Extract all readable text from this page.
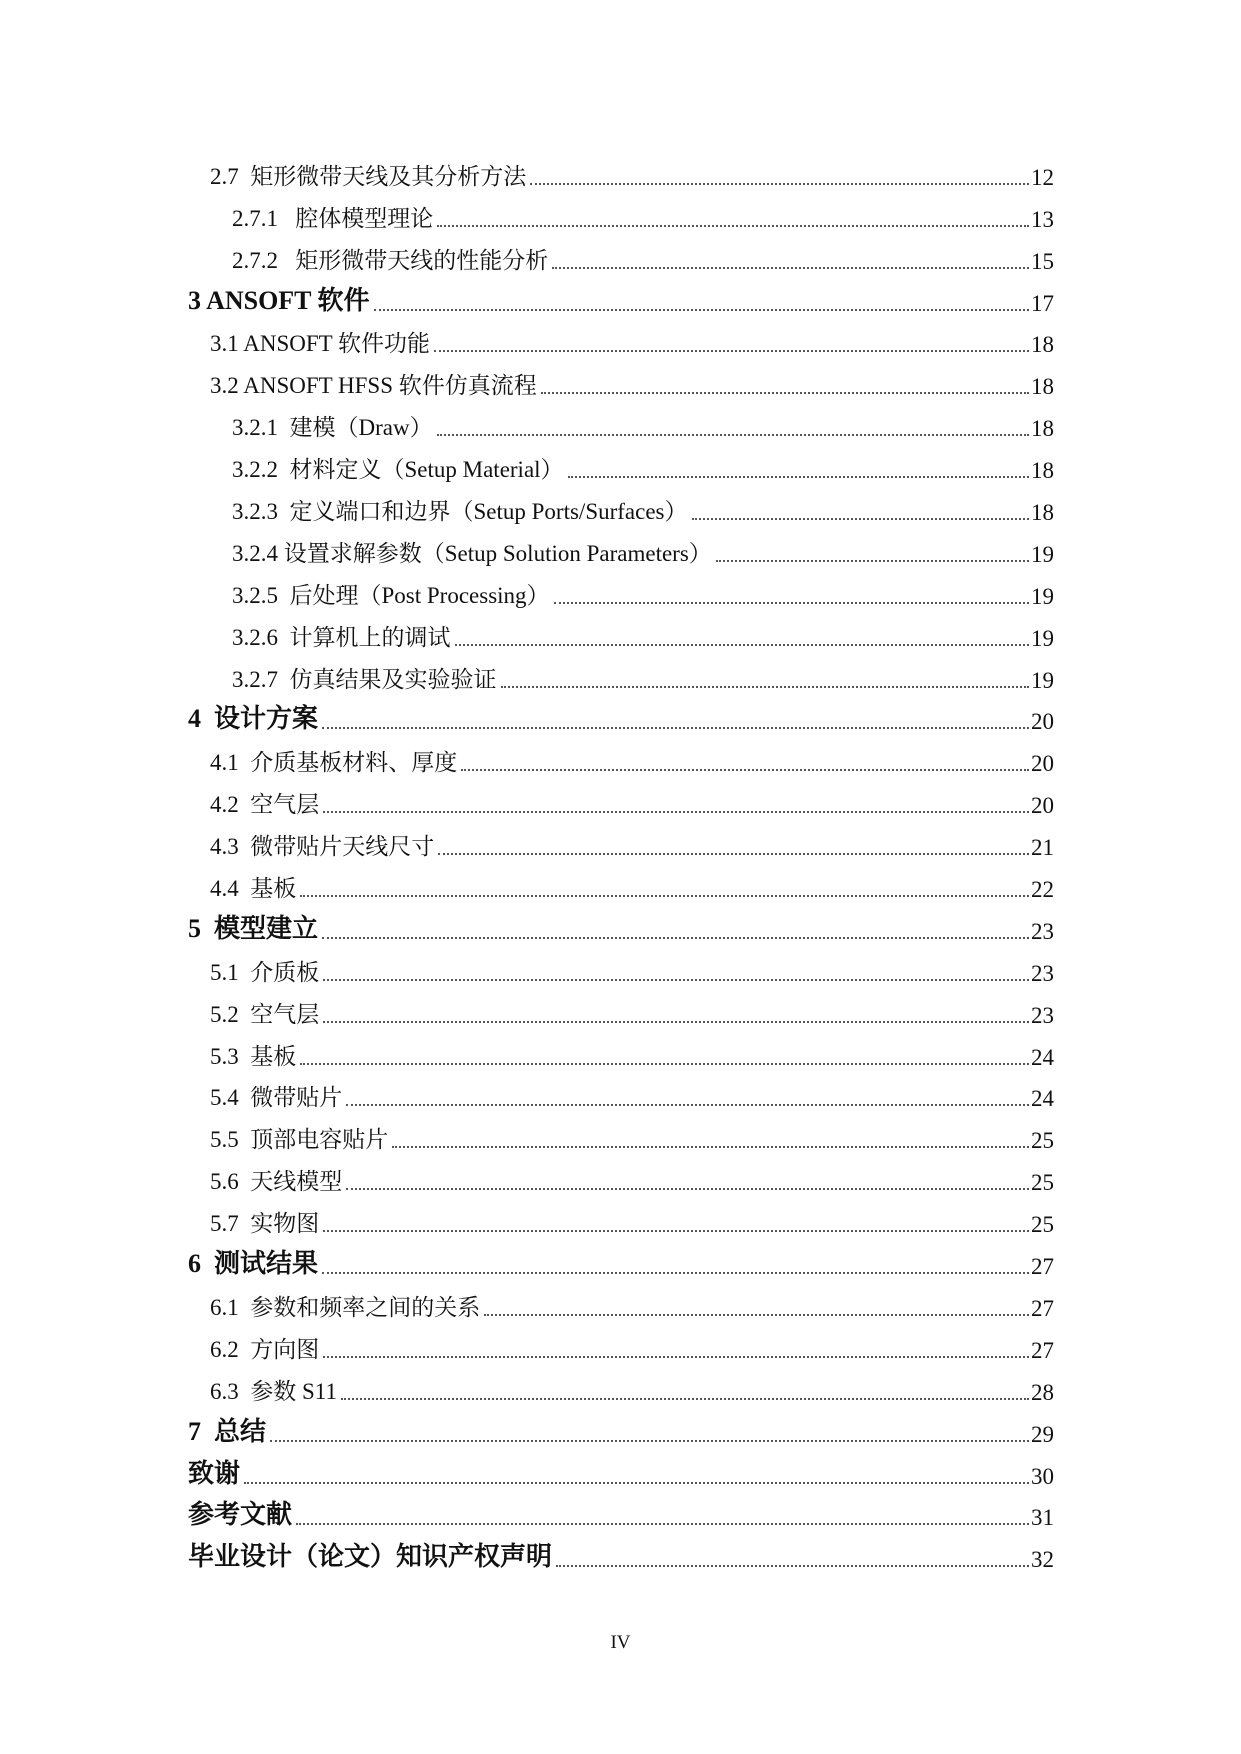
2.7  矩形微带天线及其分析方法	12
2.7.1   腔体模型理论	13
2.7.2   矩形微带天线的性能分析	15
3 ANSOFT 软件	17
3.1 ANSOFT 软件功能	18
3.2 ANSOFT HFSS 软件仿真流程	18
3.2.1  建模（Draw）	18
3.2.2  材料定义（Setup Material）	18
3.2.3  定义端口和边界（Setup Ports/Surfaces）	18
3.2.4 设置求解参数（Setup Solution Parameters）	19
3.2.5  后处理（Post Processing）	19
3.2.6  计算机上的调试	19
3.2.7  仿真结果及实验验证	19
4  设计方案	20
4.1  介质基板材料、厚度	20
4.2  空气层	20
4.3  微带贴片天线尺寸	21
4.4  基板	22
5  模型建立	23
5.1  介质板	23
5.2  空气层	23
5.3  基板	24
5.4  微带贴片	24
5.5  顶部电容贴片	25
5.6  天线模型	25
5.7  实物图	25
6  测试结果	27
6.1  参数和频率之间的关系	27
6.2  方向图	27
6.3  参数 S11	28
7  总结	29
致谢	30
参考文献	31
毕业设计（论文）知识产权声明	32
IV
